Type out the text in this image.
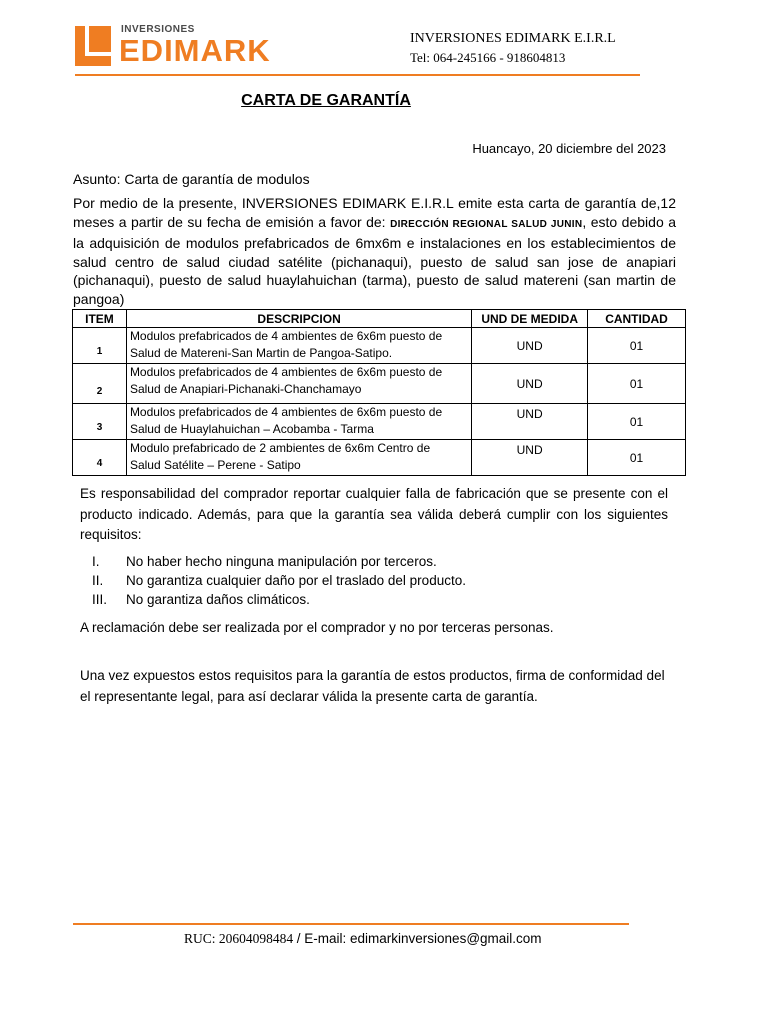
INVERSIONES
EDIMARK	INVERSIONES EDIMARK E.I.R.L
Tel: 064-245166 - 918604813
CARTA DE GARANTÍA
Huancayo, 20 diciembre del 2023
Asunto: Carta de garantía de modulos
Por medio de la presente, INVERSIONES EDIMARK E.I.R.L emite esta carta de garantía de,12 meses a partir de su fecha de emisión a favor de: DIRECCIÓN REGIONAL SALUD JUNIN, esto debido a la adquisición de modulos prefabricados de 6mx6m e instalaciones en los establecimientos de salud centro de salud ciudad satélite (pichanaqui), puesto de salud san jose de anapiari (pichanaqui), puesto de salud huaylahuichan (tarma), puesto de salud matereni (san martin de pangoa)
ITEM	DESCRIPCION	UND DE MEDIDA	CANTIDAD
1	Modulos prefabricados de 4 ambientes de 6x6m puesto de
Salud de Matereni-San Martin de Pangoa-Satipo.	UND	01
2	Modulos prefabricados de 4 ambientes de 6x6m puesto de
Salud de Anapiari-Pichanaki-Chanchamayo	UND	01
3	Modulos prefabricados de 4 ambientes de 6x6m puesto de
Salud de Huaylahuichan – Acobamba - Tarma	UND	01
4	Modulo prefabricado de 2 ambientes de 6x6m Centro de
Salud Satélite – Perene - Satipo	UND	01
Es responsabilidad del comprador reportar cualquier falla de fabricación que se presente con el producto indicado. Además, para que la garantía sea válida deberá cumplir con los siguientes requisitos:
I.	No haber hecho ninguna manipulación por terceros.
II.	No garantiza cualquier daño por el traslado del producto.
III.	No garantiza daños climáticos.
A reclamación debe ser realizada por el comprador y no por terceras personas.
Una vez expuestos estos requisitos para la garantía de estos productos, firma de conformidad del el representante legal, para así declarar válida la presente carta de garantía.
RUC: 20604098484 / E-mail: edimarkinversiones@gmail.com
